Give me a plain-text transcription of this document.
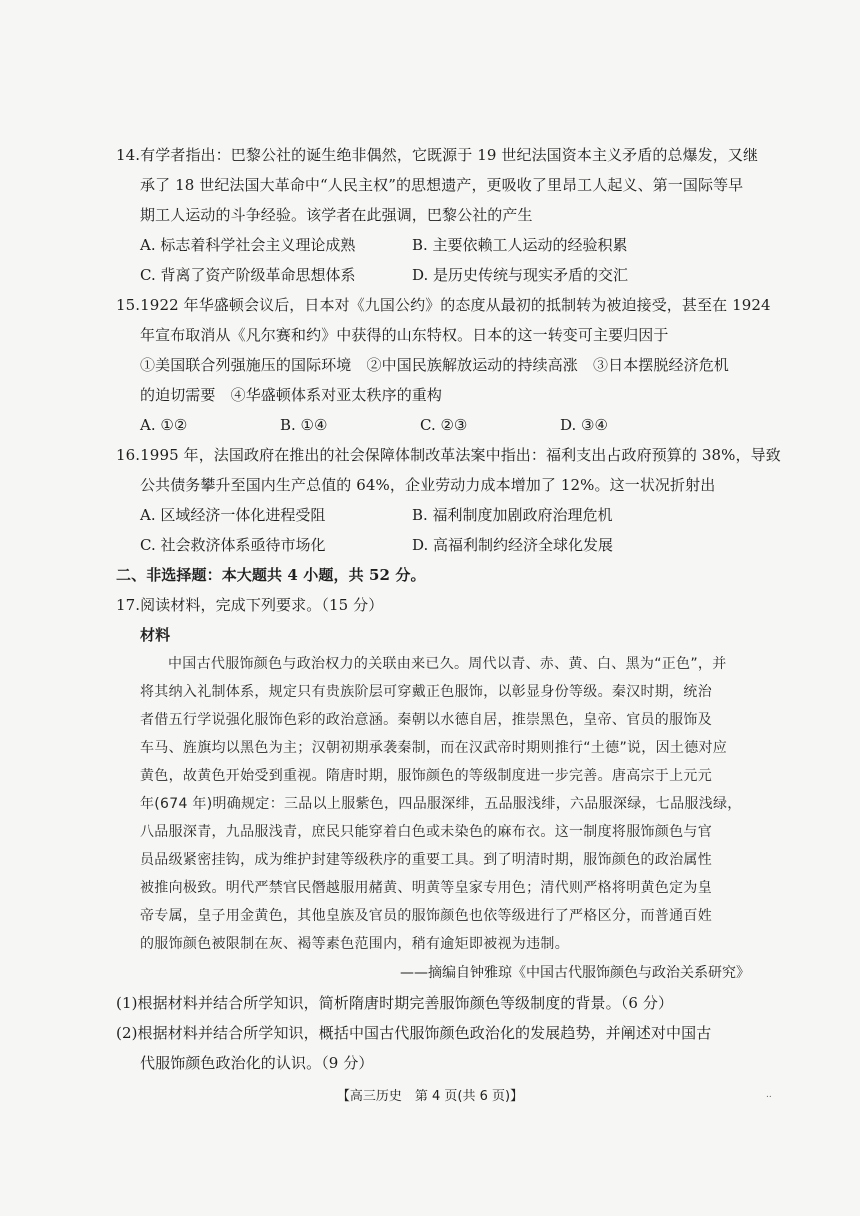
14.有学者指出：巴黎公社的诞生绝非偶然，它既源于 19 世纪法国资本主义矛盾的总爆发，又继
承了 18 世纪法国大革命中“人民主权”的思想遗产，更吸收了里昂工人起义、第一国际等早
期工人运动的斗争经验。该学者在此强调，巴黎公社的产生
A. 标志着科学社会主义理论成熟	B. 主要依赖工人运动的经验积累
C. 背离了资产阶级革命思想体系	D. 是历史传统与现实矛盾的交汇
15.1922 年华盛顿会议后，日本对《九国公约》的态度从最初的抵制转为被迫接受，甚至在 1924
年宣布取消从《凡尔赛和约》中获得的山东特权。日本的这一转变可主要归因于
①美国联合列强施压的国际环境　②中国民族解放运动的持续高涨　③日本摆脱经济危机
的迫切需要　④华盛顿体系对亚太秩序的重构
A. ①②	B. ①④	C. ②③	D. ③④
16.1995 年，法国政府在推出的社会保障体制改革法案中指出：福利支出占政府预算的 38%，导致
公共债务攀升至国内生产总值的 64%，企业劳动力成本增加了 12%。这一状况折射出
A. 区域经济一体化进程受阻	B. 福利制度加剧政府治理危机
C. 社会救济体系亟待市场化	D. 高福利制约经济全球化发展
二、非选择题：本大题共 4 小题，共 52 分。
17.阅读材料，完成下列要求。（15 分）
材料
中国古代服饰颜色与政治权力的关联由来已久。周代以青、赤、黄、白、黑为“正色”，并
将其纳入礼制体系，规定只有贵族阶层可穿戴正色服饰，以彰显身份等级。秦汉时期，统治
者借五行学说强化服饰色彩的政治意涵。秦朝以水德自居，推崇黑色，皇帝、官员的服饰及
车马、旌旗均以黑色为主；汉朝初期承袭秦制，而在汉武帝时期则推行“土德”说，因土德对应
黄色，故黄色开始受到重视。隋唐时期，服饰颜色的等级制度进一步完善。唐高宗于上元元
年(674 年)明确规定：三品以上服紫色，四品服深绯，五品服浅绯，六品服深绿，七品服浅绿，
八品服深青，九品服浅青，庶民只能穿着白色或未染色的麻布衣。这一制度将服饰颜色与官
员品级紧密挂钩，成为维护封建等级秩序的重要工具。到了明清时期，服饰颜色的政治属性
被推向极致。明代严禁官民僭越服用赭黄、明黄等皇家专用色；清代则严格将明黄色定为皇
帝专属，皇子用金黄色，其他皇族及官员的服饰颜色也依等级进行了严格区分，而普通百姓
的服饰颜色被限制在灰、褐等素色范围内，稍有逾矩即被视为违制。
——摘编自钟雅琼《中国古代服饰颜色与政治关系研究》
(1)根据材料并结合所学知识，简析隋唐时期完善服饰颜色等级制度的背景。（6 分）
(2)根据材料并结合所学知识，概括中国古代服饰颜色政治化的发展趋势，并阐述对中国古
代服饰颜色政治化的认识。（9 分）
【高三历史　第 4 页(共 6 页)】	..
